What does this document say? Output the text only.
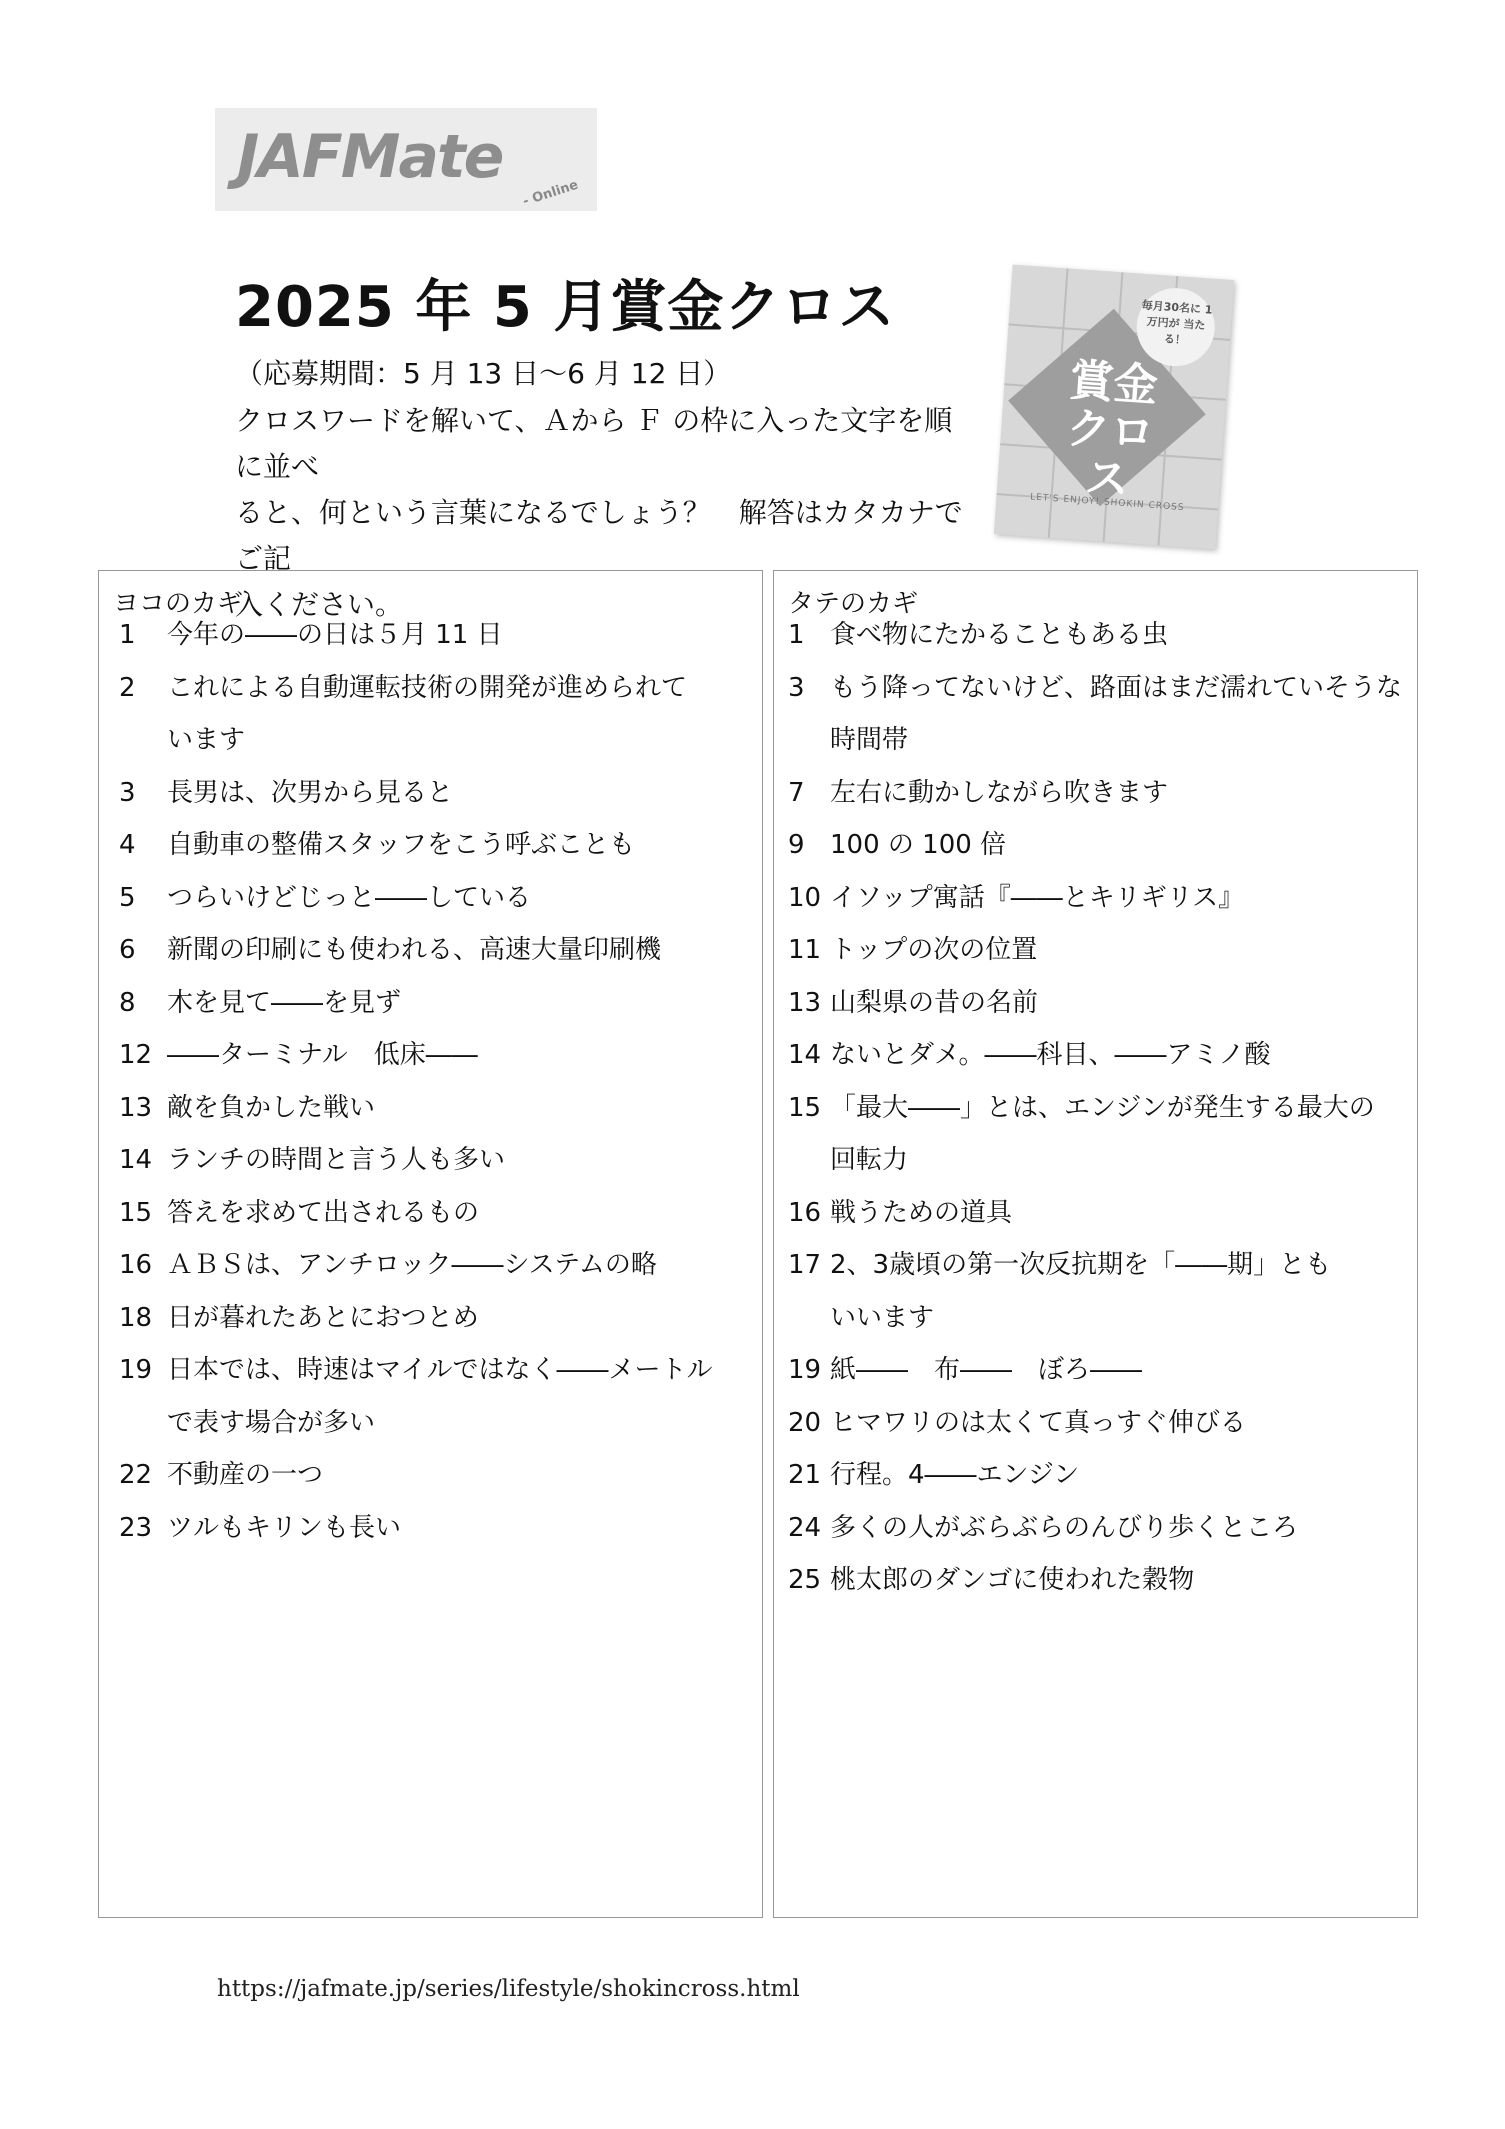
JAFMate
- Online
2025 年 5 月賞金クロス
（応募期間：5 月 13 日～6 月 12 日）
クロスワードを解いて、Ａから Ｆ の枠に入った文字を順に並べ
ると、何という言葉になるでしょう？　解答はカタカナでご記
入ください。
毎月30名に 1万円が 当たる！
賞金
クロス
LET'S ENJOY! SHOKIN CROSS
ヨコのカギ
1 今年の――の日は５月 11 日
2 これによる自動運転技術の開発が進められて
います
3 長男は、次男から見ると
4 自動車の整備スタッフをこう呼ぶことも
5 つらいけどじっと――している
6 新聞の印刷にも使われる、高速大量印刷機
8 木を見て――を見ず
12 ――ターミナル　低床――
13 敵を負かした戦い
14 ランチの時間と言う人も多い
15 答えを求めて出されるもの
16 ＡＢＳは、アンチロック――システムの略
18 日が暮れたあとにおつとめ
19 日本では、時速はマイルではなく――メートル
で表す場合が多い
22 不動産の一つ
23 ツルもキリンも長い
タテのカギ
1 食べ物にたかることもある虫
3 もう降ってないけど、路面はまだ濡れていそうな
時間帯
7 左右に動かしながら吹きます
9 100 の 100 倍
10 イソップ寓話『――とキリギリス』
11 トップの次の位置
13 山梨県の昔の名前
14 ないとダメ。――科目、――アミノ酸
15 「最大――」とは、エンジンが発生する最大の
回転力
16 戦うための道具
17 2、3歳頃の第一次反抗期を「――期」とも
いいます
19 紙――　布――　ぼろ――
20 ヒマワリのは太くて真っすぐ伸びる
21 行程。4――エンジン
24 多くの人がぶらぶらのんびり歩くところ
25 桃太郎のダンゴに使われた穀物
https://jafmate.jp/series/lifestyle/shokincross.html
